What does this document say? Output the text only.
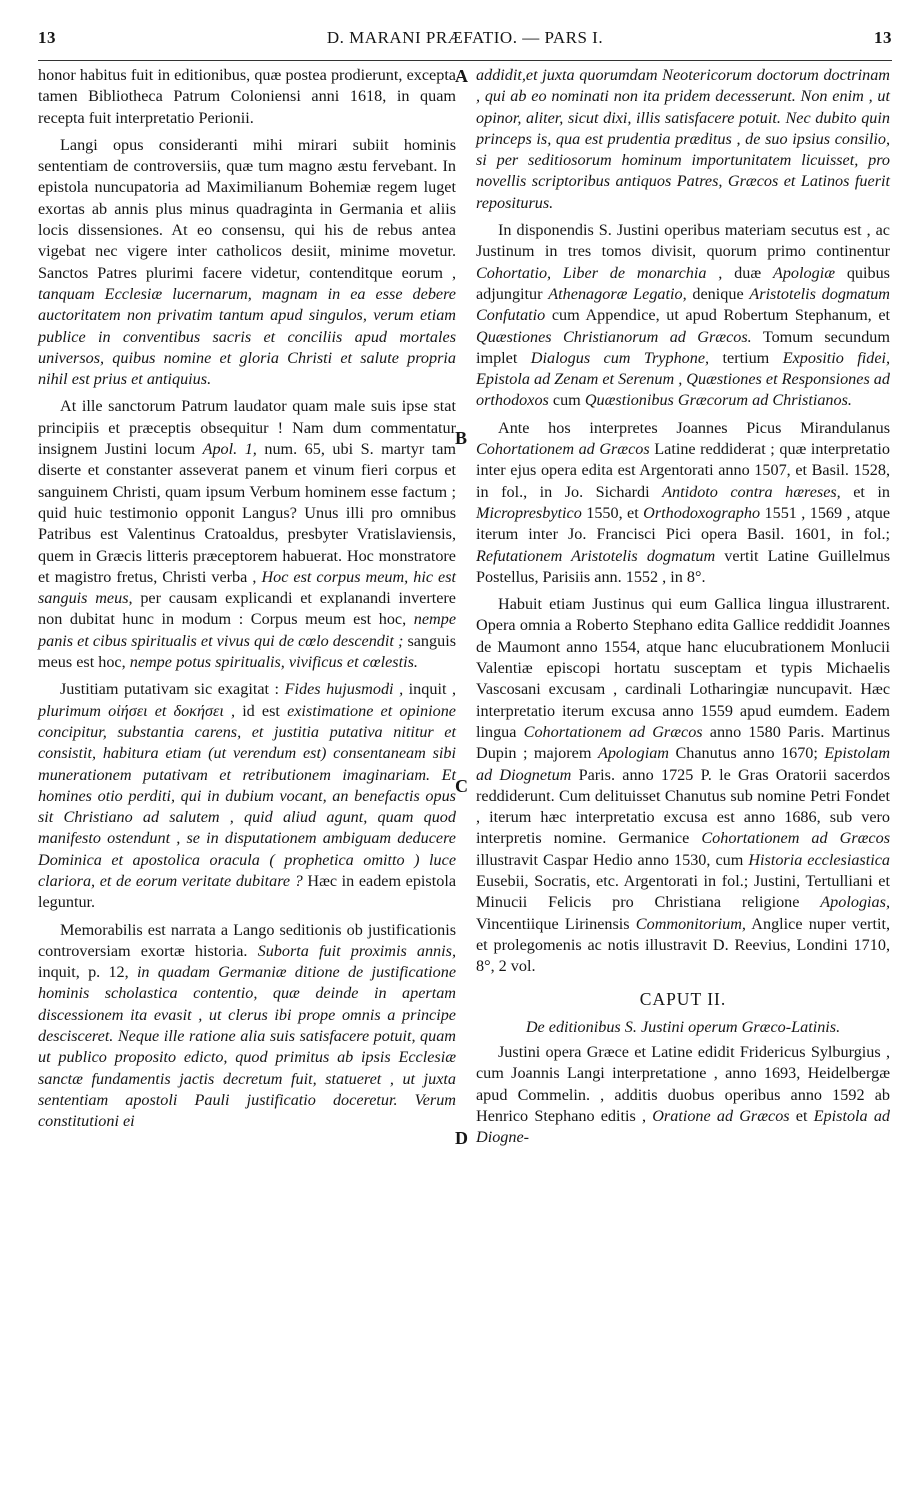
13	D. MARANI PRÆFATIO. — PARS I.	13
A
B
C
D

honor habitus fuit in editionibus, quæ postea prodierunt, excepta tamen Bibliotheca Patrum Coloniensi anni 1618, in quam recepta fuit interpretatio Perionii.

Langi opus consideranti mihi mirari subiit hominis sententiam de controversiis, quæ tum magno æstu fervebant. In epistola nuncupatoria ad Maximilianum Bohemiæ regem luget exortas ab annis plus minus quadraginta in Germania et aliis locis dissensiones. At eo consensu, qui his de rebus antea vigebat nec vigere inter catholicos desiit, minime movetur. Sanctos Patres plurimi facere videtur, contenditque eorum , tanquam Ecclesiæ lucernarum, magnam in ea esse debere auctoritatem non privatim tantum apud singulos, verum etiam publice in conventibus sacris et conciliis apud mortales universos, quibus nomine et gloria Christi et salute propria nihil est prius et antiquius.

At ille sanctorum Patrum laudator quam male suis ipse stat principiis et præceptis obsequitur ! Nam dum commentatur insignem Justini locum Apol. 1, num. 65, ubi S. martyr tam diserte et constanter asseverat panem et vinum fieri corpus et sanguinem Christi, quam ipsum Verbum hominem esse factum ; quid huic testimonio opponit Langus? Unus illi pro omnibus Patribus est Valentinus Cratoaldus, presbyter Vratislaviensis, quem in Græcis litteris præceptorem habuerat. Hoc monstratore et magistro fretus, Christi verba , Hoc est corpus meum, hic est sanguis meus, per causam explicandi et explanandi invertere non dubitat hunc in modum : Corpus meum est hoc, nempe panis et cibus spiritualis et vivus qui de cœlo descendit ; sanguis meus est hoc, nempe potus spiritualis, vivificus et cœlestis.

Justitiam putativam sic exagitat : Fides hujusmodi , inquit , plurimum οἰήσει et δοκήσει , id est existimatione et opinione concipitur, substantia carens, et justitia putativa nititur et consistit, habitura etiam (ut verendum est) consentaneam sibi munerationem putativam et retributionem imaginariam. Et homines otio perditi, qui in dubium vocant, an benefactis opus sit Christiano ad salutem , quid aliud agunt, quam quod manifesto ostendunt , se in disputationem ambiguam deducere Dominica et apostolica oracula ( prophetica omitto ) luce clariora, et de eorum veritate dubitare ? Hæc in eadem epistola leguntur.

Memorabilis est narrata a Lango seditionis ob justificationis controversiam exortæ historia. Suborta fuit proximis annis, inquit, p. 12, in quadam Germaniæ ditione de justificatione hominis scholastica contentio, quæ deinde in apertam discessionem ita evasit , ut clerus ibi prope omnis a principe descisceret. Neque ille ratione alia suis satisfacere potuit, quam ut publico proposito edicto, quod primitus ab ipsis Ecclesiæ sanctæ fundamentis jactis decretum fuit, statueret , ut juxta sententiam apostoli Pauli justificatio doceretur. Verum constitutioni ei

addidit,et juxta quorumdam Neotericorum doctorum doctrinam , qui ab eo nominati non ita pridem decesserunt. Non enim , ut opinor, aliter, sicut dixi, illis satisfacere potuit. Nec dubito quin princeps is, qua est prudentia præditus , de suo ipsius consilio, si per seditiosorum hominum importunitatem licuisset, pro novellis scriptoribus antiquos Patres, Græcos et Latinos fuerit repositurus.

In disponendis S. Justini operibus materiam secutus est , ac Justinum in tres tomos divisit, quorum primo continentur Cohortatio, Liber de monarchia , duæ Apologiæ quibus adjungitur Athenagoræ Legatio, denique Aristotelis dogmatum Confutatio cum Appendice, ut apud Robertum Stephanum, et Quæstiones Christianorum ad Græcos. Tomum secundum implet Dialogus cum Tryphone, tertium Expositio fidei, Epistola ad Zenam et Serenum , Quæstiones et Responsiones ad orthodoxos cum Quæstionibus Græcorum ad Christianos.

Ante hos interpretes Joannes Picus Mirandulanus Cohortationem ad Græcos Latine reddiderat ; quæ interpretatio inter ejus opera edita est Argentorati anno 1507, et Basil. 1528, in fol., in Jo. Sichardi Antidoto contra hæreses, et in Micropresbytico 1550, et Orthodoxographo 1551 , 1569 , atque iterum inter Jo. Francisci Pici opera Basil. 1601, in fol.; Refutationem Aristotelis dogmatum vertit Latine Guillelmus Postellus, Parisiis ann. 1552 , in 8°.

Habuit etiam Justinus qui eum Gallica lingua illustrarent. Opera omnia a Roberto Stephano edita Gallice reddidit Joannes de Maumont anno 1554, atque hanc elucubrationem Monlucii Valentiæ episcopi hortatu susceptam et typis Michaelis Vascosani excusam , cardinali Lotharingiæ nuncupavit. Hæc interpretatio iterum excusa anno 1559 apud eumdem. Eadem lingua Cohortationem ad Græcos anno 1580 Paris. Martinus Dupin ; majorem Apologiam Chanutus anno 1670; Epistolam ad Diognetum Paris. anno 1725 P. le Gras Oratorii sacerdos reddiderunt. Cum delituisset Chanutus sub nomine Petri Fondet , iterum hæc interpretatio excusa est anno 1686, sub vero interpretis nomine. Germanice Cohortationem ad Græcos illustravit Caspar Hedio anno 1530, cum Historia ecclesiastica Eusebii, Socratis, etc. Argentorati in fol.; Justini, Tertulliani et Minucii Felicis pro Christiana religione Apologias, Vincentiique Lirinensis Commonitorium, Anglice nuper vertit, et prolegomenis ac notis illustravit D. Reevius, Londini 1710, 8°, 2 vol.

CAPUT II.
De editionibus S. Justini operum Græco-Latinis.

Justini opera Græce et Latine edidit Fridericus Sylburgius , cum Joannis Langi interpretatione , anno 1693, Heidelbergæ apud Commelin. , additis duobus operibus anno 1592 ab Henrico Stephano editis , Oratione ad Græcos et Epistola ad Diogne-
